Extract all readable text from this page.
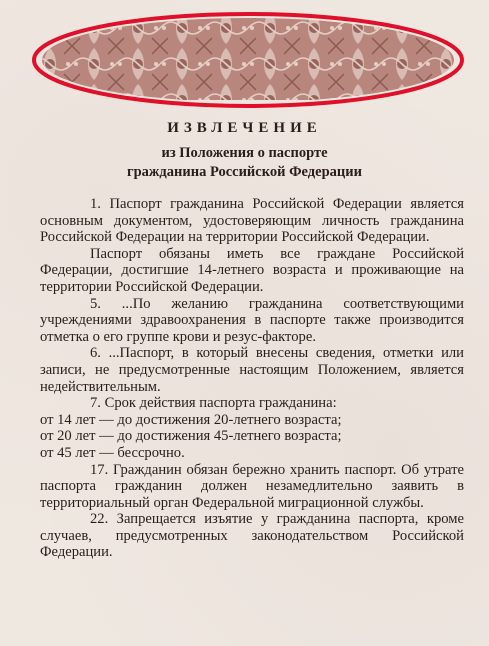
ИЗВЛЕЧЕНИЕ
из Положения о паспорте
гражданина Российской Федерации

1. Паспорт гражданина Российской Федерации является основным документом, удостоверяющим личность гражданина Российской Федерации на территории Российской Федерации.

Паспорт обязаны иметь все граждане Российской Федерации, достигшие 14-летнего возраста и проживающие на территории Российской Федерации.

5. ...По желанию гражданина соответствующими учреждениями здравоохранения в паспорте также производится отметка о его группе крови и резус-факторе.

6. ...Паспорт, в который внесены сведения, отметки или записи, не предусмотренные настоящим Положением, является недействительным.

7. Срок действия паспорта гражданина:

от 14 лет — до достижения 20-летнего возраста;

от 20 лет — до достижения 45-летнего возраста;

от 45 лет — бессрочно.

17. Гражданин обязан бережно хранить паспорт. Об утрате паспорта гражданин должен незамедлительно заявить в территориальный орган Федеральной миграционной службы.

22. Запрещается изъятие у гражданина паспорта, кроме случаев, предусмотренных законодательством Российской Федерации.
